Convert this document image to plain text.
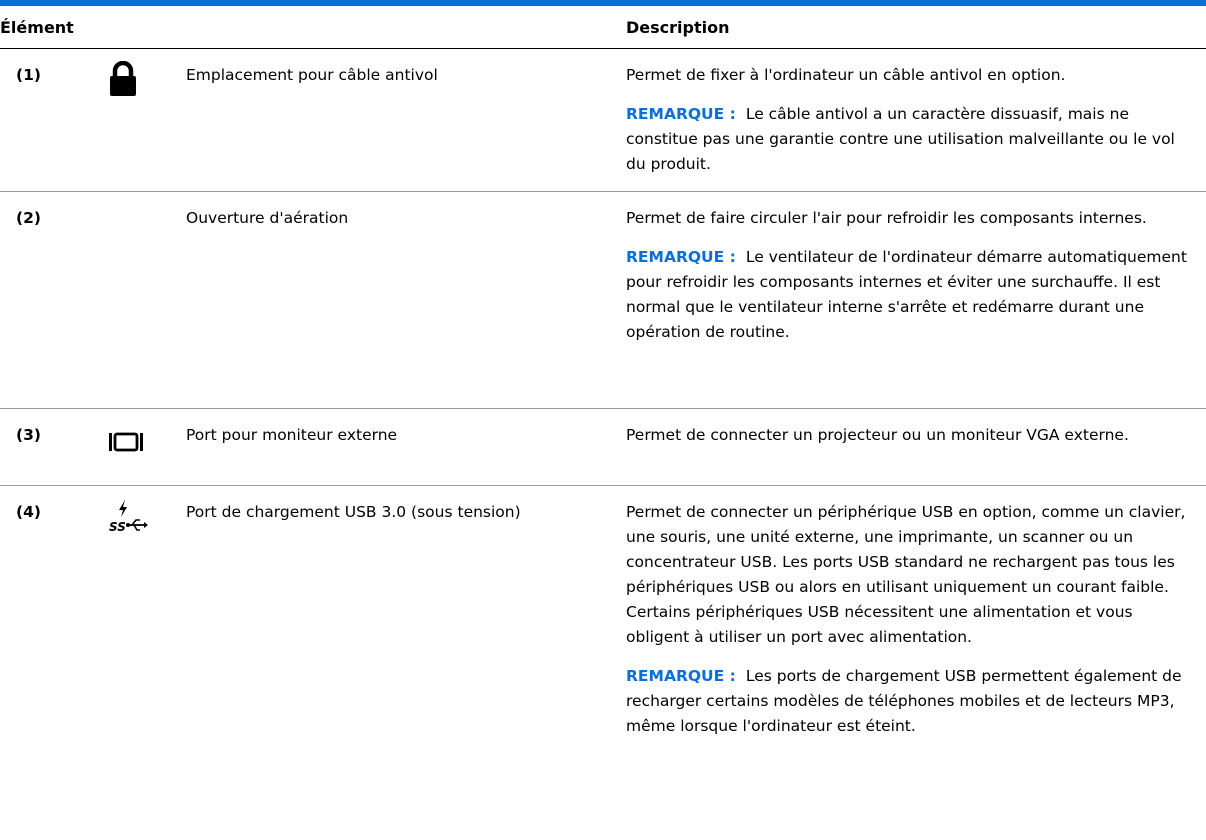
Élément			Description
(1)		Emplacement pour câble antivol	Permet de fixer à l'ordinateur un câble antivol en option.

REMARQUE : Le câble antivol a un caractère dissuasif, mais ne constitue pas une garantie contre une utilisation malveillante ou le vol du produit.

(2)		Ouverture d'aération	Permet de faire circuler l'air pour refroidir les composants internes.

REMARQUE : Le ventilateur de l'ordinateur démarre automatiquement pour refroidir les composants internes et éviter une surchauffe. Il est normal que le ventilateur interne s'arrête et redémarre durant une opération de routine.

(3)		Port pour moniteur externe	Permet de connecter un projecteur ou un moniteur VGA externe.

(4)	SS	Port de chargement USB 3.0 (sous tension)	Permet de connecter un périphérique USB en option, comme un clavier, une souris, une unité externe, une imprimante, un scanner ou un concentrateur USB. Les ports USB standard ne rechargent pas tous les périphériques USB ou alors en utilisant uniquement un courant faible. Certains périphériques USB nécessitent une alimentation et vous obligent à utiliser un port avec alimentation.

REMARQUE : Les ports de chargement USB permettent également de recharger certains modèles de téléphones mobiles et de lecteurs MP3, même lorsque l'ordinateur est éteint.
